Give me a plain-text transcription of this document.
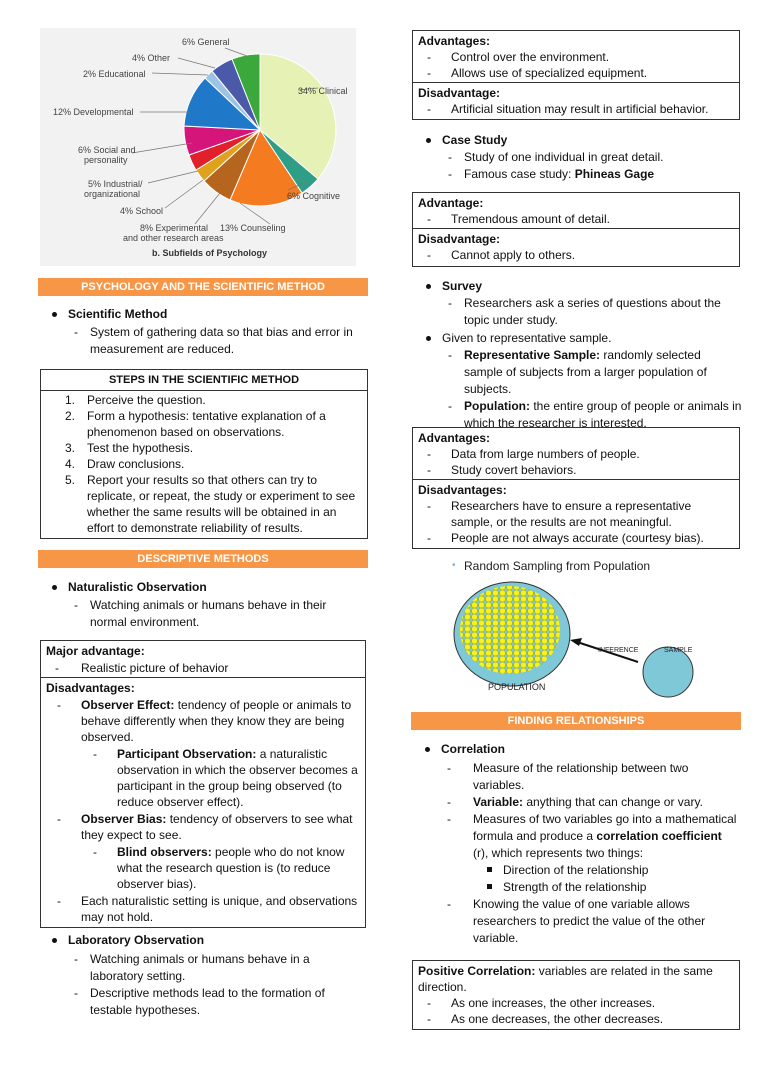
6% General
4% Other
2% Educational
12% Developmental
6% Social and
personality
5% Industrial/
organizational
4% School
8% Experimental
and other research areas
13% Counseling
6% Cognitive
34% Clinical
b. Subfields of Psychology
PSYCHOLOGY AND THE SCIENTIFIC METHOD
Scientific Method
- System of gathering data so that bias and error in
measurement are reduced.
STEPS IN THE SCIENTIFIC METHOD
1. Perceive the question.
2. Form a hypothesis: tentative explanation of a phenomenon based on observations.
3. Test the hypothesis.
4. Draw conclusions.
5. Report your results so that others can try to replicate, or repeat, the study or experiment to see whether the same results will be obtained in an effort to demonstrate reliability of results.
DESCRIPTIVE METHODS
Naturalistic Observation
- Watching animals or humans behave in their
normal environment.
Major advantage:
- Realistic picture of behavior
Disadvantages:
- Observer Effect: tendency of people or animals to behave differently when they know they are being observed.
- Participant Observation: a naturalistic observation in which the observer becomes a participant in the group being observed (to reduce observer effect).
- Observer Bias: tendency of observers to see what they expect to see.
- Blind observers: people who do not know what the research question is (to reduce observer bias).
- Each naturalistic setting is unique, and observations may not hold.
Laboratory Observation
- Watching animals or humans behave in a laboratory setting.
- Descriptive methods lead to the formation of testable hypotheses.
Advantages:
- Control over the environment.
- Allows use of specialized equipment.
Disadvantage:
- Artificial situation may result in artificial behavior.
Case Study
- Study of one individual in great detail.
- Famous case study: Phineas Gage
Advantage:
- Tremendous amount of detail.
Disadvantage:
- Cannot apply to others.
Survey
- Researchers ask a series of questions about the topic under study.
Given to representative sample.
- Representative Sample: randomly selected sample of subjects from a larger population of subjects.
- Population: the entire group of people or animals in which the researcher is interested.
Advantages:
- Data from large numbers of people.
- Study covert behaviors.
Disadvantages:
- Researchers have to ensure a representative sample, or the results are not meaningful.
- People are not always accurate (courtesy bias).
• Random Sampling from Population
INFERENCE	SAMPLE
POPULATION
FINDING RELATIONSHIPS
Correlation
- Measure of the relationship between two variables.
- Variable: anything that can change or vary.
- Measures of two variables go into a mathematical formula and produce a correlation coefficient (r), which represents two things:
Direction of the relationship
Strength of the relationship
- Knowing the value of one variable allows researchers to predict the value of the other variable.
Positive Correlation: variables are related in the same direction.
- As one increases, the other increases.
- As one decreases, the other decreases.
